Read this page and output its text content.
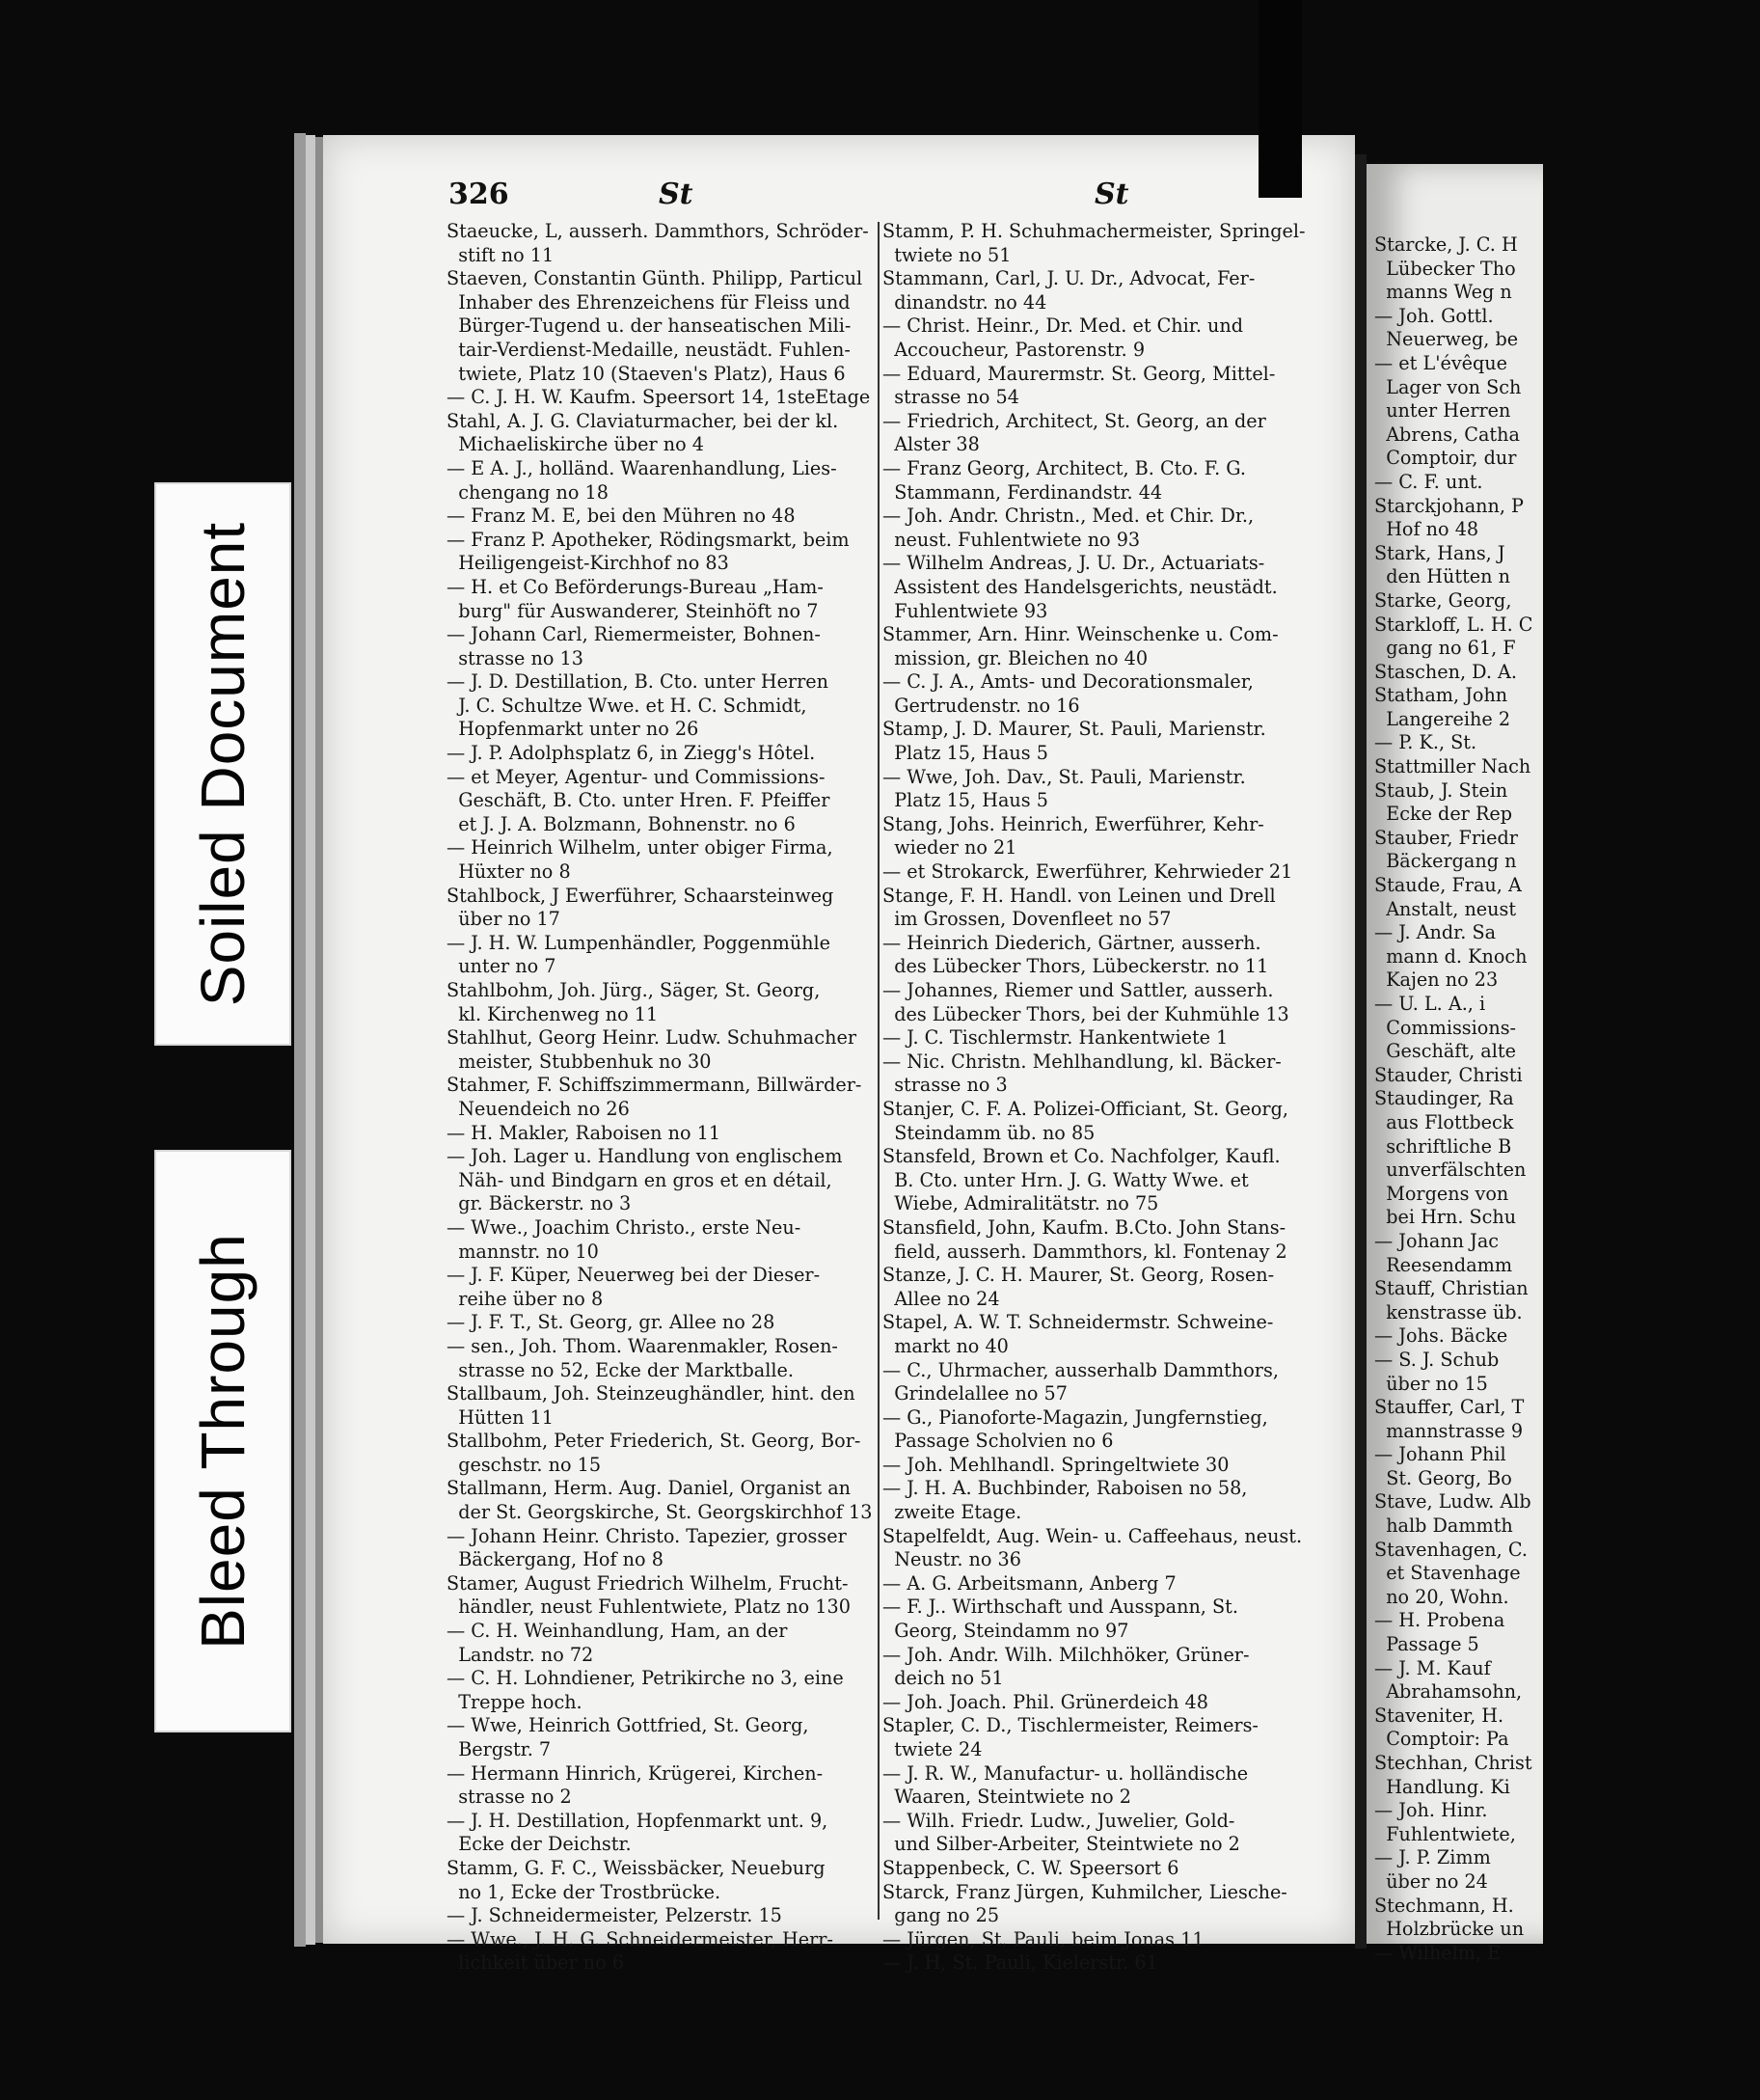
Soiled Document
Bleed Through
326	St	St
Staeucke, L, ausserh. Dammthors, Schröder-
stift no 11
Staeven, Constantin Günth. Philipp, Particul
Inhaber des Ehrenzeichens für Fleiss und
Bürger-Tugend u. der hanseatischen Mili-
tair-Verdienst-Medaille, neustädt. Fuhlen-
twiete, Platz 10 (Staeven's Platz), Haus 6
— C. J. H. W. Kaufm. Speersort 14, 1steEtage
Stahl, A. J. G. Claviaturmacher, bei der kl.
Michaeliskirche über no 4
— E A. J., holländ. Waarenhandlung, Lies-
chengang no 18
— Franz M. E, bei den Mühren no 48
— Franz P. Apotheker, Rödingsmarkt, beim
Heiligengeist-Kirchhof no 83
— H. et Co Beförderungs-Bureau „Ham-
burg" für Auswanderer, Steinhöft no 7
— Johann Carl, Riemermeister, Bohnen-
strasse no 13
— J. D. Destillation, B. Cto. unter Herren
J. C. Schultze Wwe. et H. C. Schmidt,
Hopfenmarkt unter no 26
— J. P. Adolphsplatz 6, in Ziegg's Hôtel.
— et Meyer, Agentur- und Commissions-
Geschäft, B. Cto. unter Hren. F. Pfeiffer
et J. J. A. Bolzmann, Bohnenstr. no 6
— Heinrich Wilhelm, unter obiger Firma,
Hüxter no 8
Stahlbock, J Ewerführer, Schaarsteinweg
über no 17
— J. H. W. Lumpenhändler, Poggenmühle
unter no 7
Stahlbohm, Joh. Jürg., Säger, St. Georg,
kl. Kirchenweg no 11
Stahlhut, Georg Heinr. Ludw. Schuhmacher
meister, Stubbenhuk no 30
Stahmer, F. Schiffszimmermann, Billwärder-
Neuendeich no 26
— H. Makler, Raboisen no 11
— Joh. Lager u. Handlung von englischem
Näh- und Bindgarn en gros et en détail,
gr. Bäckerstr. no 3
— Wwe., Joachim Christo., erste Neu-
mannstr. no 10
— J. F. Küper, Neuerweg bei der Dieser-
reihe über no 8
— J. F. T., St. Georg, gr. Allee no 28
— sen., Joh. Thom. Waarenmakler, Rosen-
strasse no 52, Ecke der Marktballe.
Stallbaum, Joh. Steinzeughändler, hint. den
Hütten 11
Stallbohm, Peter Friederich, St. Georg, Bor-
geschstr. no 15
Stallmann, Herm. Aug. Daniel, Organist an
der St. Georgskirche, St. Georgskirchhof 13
— Johann Heinr. Christo. Tapezier, grosser
Bäckergang, Hof no 8
Stamer, August Friedrich Wilhelm, Frucht-
händler, neust Fuhlentwiete, Platz no 130
— C. H. Weinhandlung, Ham, an der
Landstr. no 72
— C. H. Lohndiener, Petrikirche no 3, eine
Treppe hoch.
— Wwe, Heinrich Gottfried, St. Georg,
Bergstr. 7
— Hermann Hinrich, Krügerei, Kirchen-
strasse no 2
— J. H. Destillation, Hopfenmarkt unt. 9,
Ecke der Deichstr.
Stamm, G. F. C., Weissbäcker, Neueburg
no 1, Ecke der Trostbrücke.
— J. Schneidermeister, Pelzerstr. 15
— Wwe., J. H. G. Schneidermeister, Herr-
lichkeit über no 6
Stamm, P. H. Schuhmachermeister, Springel-
twiete no 51
Stammann, Carl, J. U. Dr., Advocat, Fer-
dinandstr. no 44
— Christ. Heinr., Dr. Med. et Chir. und
Accoucheur, Pastorenstr. 9
— Eduard, Maurermstr. St. Georg, Mittel-
strasse no 54
— Friedrich, Architect, St. Georg, an der
Alster 38
— Franz Georg, Architect, B. Cto. F. G.
Stammann, Ferdinandstr. 44
— Joh. Andr. Christn., Med. et Chir. Dr.,
neust. Fuhlentwiete no 93
— Wilhelm Andreas, J. U. Dr., Actuariats-
Assistent des Handelsgerichts, neustädt.
Fuhlentwiete 93
Stammer, Arn. Hinr. Weinschenke u. Com-
mission, gr. Bleichen no 40
— C. J. A., Amts- und Decorationsmaler,
Gertrudenstr. no 16
Stamp, J. D. Maurer, St. Pauli, Marienstr.
Platz 15, Haus 5
— Wwe, Joh. Dav., St. Pauli, Marienstr.
Platz 15, Haus 5
Stang, Johs. Heinrich, Ewerführer, Kehr-
wieder no 21
— et Strokarck, Ewerführer, Kehrwieder 21
Stange, F. H. Handl. von Leinen und Drell
im Grossen, Dovenfleet no 57
— Heinrich Diederich, Gärtner, ausserh.
des Lübecker Thors, Lübeckerstr. no 11
— Johannes, Riemer und Sattler, ausserh.
des Lübecker Thors, bei der Kuhmühle 13
— J. C. Tischlermstr. Hankentwiete 1
— Nic. Christn. Mehlhandlung, kl. Bäcker-
strasse no 3
Stanjer, C. F. A. Polizei-Officiant, St. Georg,
Steindamm üb. no 85
Stansfeld, Brown et Co. Nachfolger, Kaufl.
B. Cto. unter Hrn. J. G. Watty Wwe. et
Wiebe, Admiralitätstr. no 75
Stansfield, John, Kaufm. B.Cto. John Stans-
field, ausserh. Dammthors, kl. Fontenay 2
Stanze, J. C. H. Maurer, St. Georg, Rosen-
Allee no 24
Stapel, A. W. T. Schneidermstr. Schweine-
markt no 40
— C., Uhrmacher, ausserhalb Dammthors,
Grindelallee no 57
— G., Pianoforte-Magazin, Jungfernstieg,
Passage Scholvien no 6
— Joh. Mehlhandl. Springeltwiete 30
— J. H. A. Buchbinder, Raboisen no 58,
zweite Etage.
Stapelfeldt, Aug. Wein- u. Caffeehaus, neust.
Neustr. no 36
— A. G. Arbeitsmann, Anberg 7
— F. J.. Wirthschaft und Ausspann, St.
Georg, Steindamm no 97
— Joh. Andr. Wilh. Milchhöker, Grüner-
deich no 51
— Joh. Joach. Phil. Grünerdeich 48
Stapler, C. D., Tischlermeister, Reimers-
twiete 24
— J. R. W., Manufactur- u. holländische
Waaren, Steintwiete no 2
— Wilh. Friedr. Ludw., Juwelier, Gold-
und Silber-Arbeiter, Steintwiete no 2
Stappenbeck, C. W. Speersort 6
Starck, Franz Jürgen, Kuhmilcher, Liesche-
gang no 25
— Jürgen, St. Pauli, beim Jonas 11
— J. H, St. Pauli, Kielerstr. 61
Starcke, J. C. H
Lübecker Tho
manns Weg n
— Joh. Gottl.
Neuerweg, be
— et L'évêque
Lager von Sch
unter Herren
Abrens, Catha
Comptoir, dur
— C. F. unt.
Starckjohann, P
Hof no 48
Stark, Hans, J
den Hütten n
Starke, Georg,
Starkloff, L. H. C
gang no 61, F
Staschen, D. A.
Statham, John
Langereihe 2
— P. K., St.
Stattmiller Nach
Staub, J. Stein
Ecke der Rep
Stauber, Friedr
Bäckergang n
Staude, Frau, A
Anstalt, neust
— J. Andr. Sa
mann d. Knoch
Kajen no 23
— U. L. A., i
Commissions-
Geschäft, alte
Stauder, Christi
Staudinger, Ra
aus Flottbeck
schriftliche B
unverfälschten
Morgens von
bei Hrn. Schu
— Johann Jac
Reesendamm
Stauff, Christian
kenstrasse üb.
— Johs. Bäcke
— S. J. Schub
über no 15
Stauffer, Carl, T
mannstrasse 9
— Johann Phil
St. Georg, Bo
Stave, Ludw. Alb
halb Dammth
Stavenhagen, C.
et Stavenhage
no 20, Wohn.
— H. Probena
Passage 5
— J. M. Kauf
Abrahamsohn,
Staveniter, H.
Comptoir: Pa
Stechhan, Christ
Handlung. Ki
— Joh. Hinr.
Fuhlentwiete,
— J. P. Zimm
über no 24
Stechmann, H.
Holzbrücke un
— Wilhelm, E
